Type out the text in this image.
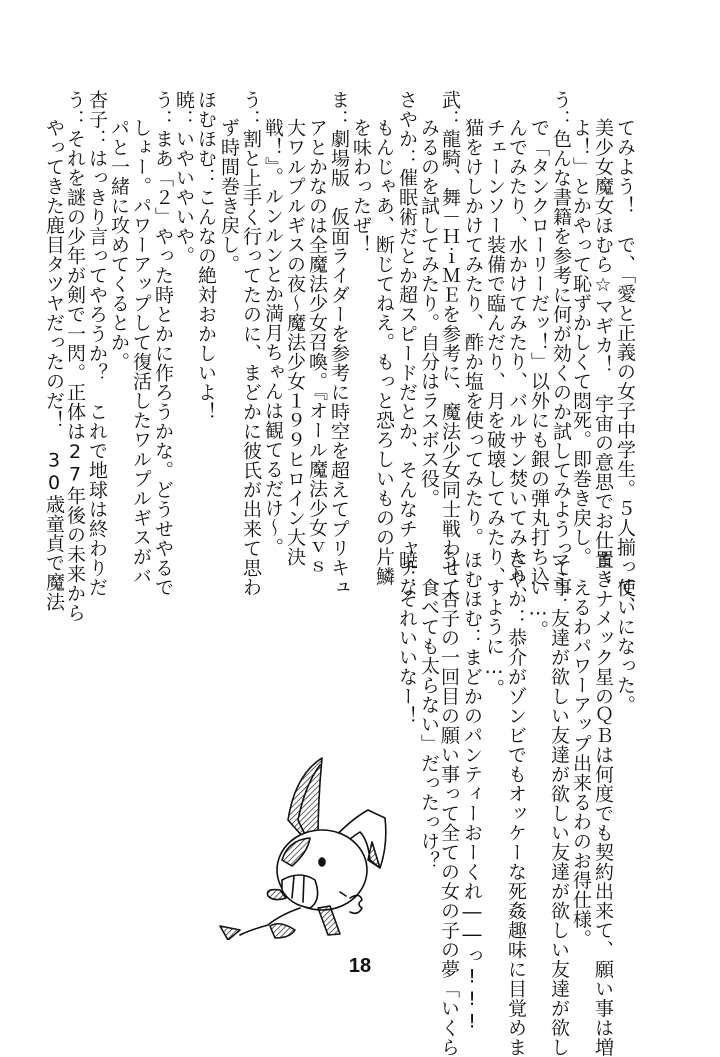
てみよう！　で、「愛と正義の女子中学生。５人揃って、
美少女魔女ほむら☆マギカ！　宇宙の意思でお仕置き
よ！」とかやって恥ずかしくて悶死。即巻き戻し。
う：色んな書籍を参考に何が効くのか試してみようって事
で「タンクローリーだッ！」以外にも銀の弾丸打ち込
んでみたり、水かけてみたり、バルサン焚いてみたり、
チェーンソー装備で臨んだり、月を破壊してみたり、
猫をけしかけてみたり、酢か塩を使ってみたり。
武：龍騎、舞－ＨｉＭＥを参考に、魔法少女同士戦わせて
みるのを試してみたり。自分はラスボス役。
さやか：催眠術だとか超スピードだとか、そんなチャチな
もんじゃあ、断じてねえ。もっと恐ろしいものの片鱗
を味わったぜ！
ま：劇場版　仮面ライダーを参考に時空を超えてプリキュ
アとかなのは全魔法少女召喚。『オール魔法少女ｖｓ
大ワルプルギスの夜～魔法少女１９９ヒロイン大決
戦！』。ルンルンとか満月ちゃんは観てるだけ～。
う：割と上手く行ってたのに、まどかに彼氏が出来て思わ
ず時間巻き戻し。
ほむほむ：こんなの絶対おかしいよ！
暁：いやいやいや。
う：まあ「２」やった時とかに作ろうかな。どうせやるで
しょー。パワーアップして復活したワルプルギスがバ
パと一緒に攻めてくるとか。
杏子：はっきり言ってやろうか？　これで地球は終わりだ
う：それを謎の少年が剣で一閃。正体は27年後の未来から
やってきた鹿目タツヤだったのだ！　30歳童貞で魔法
使いになった。
ま：ナメック星のＱＢは何度でも契約出来て、願い事は増
えるわパワーアップ出来るわのお得仕様。
マミ：友達が欲しい友達が欲しい友達が欲しい友達が欲し
い…。
さやか：恭介がゾンビでもオッケーな死姦趣味に目覚めま
すように…。
ほむほむ：まどかのパンティーおーくれ――っ!!!
う：杏子の一回目の願い事って全ての女の子の夢「いくら
食べても太らない」だったっけ？
暁：それいいなー！
18
